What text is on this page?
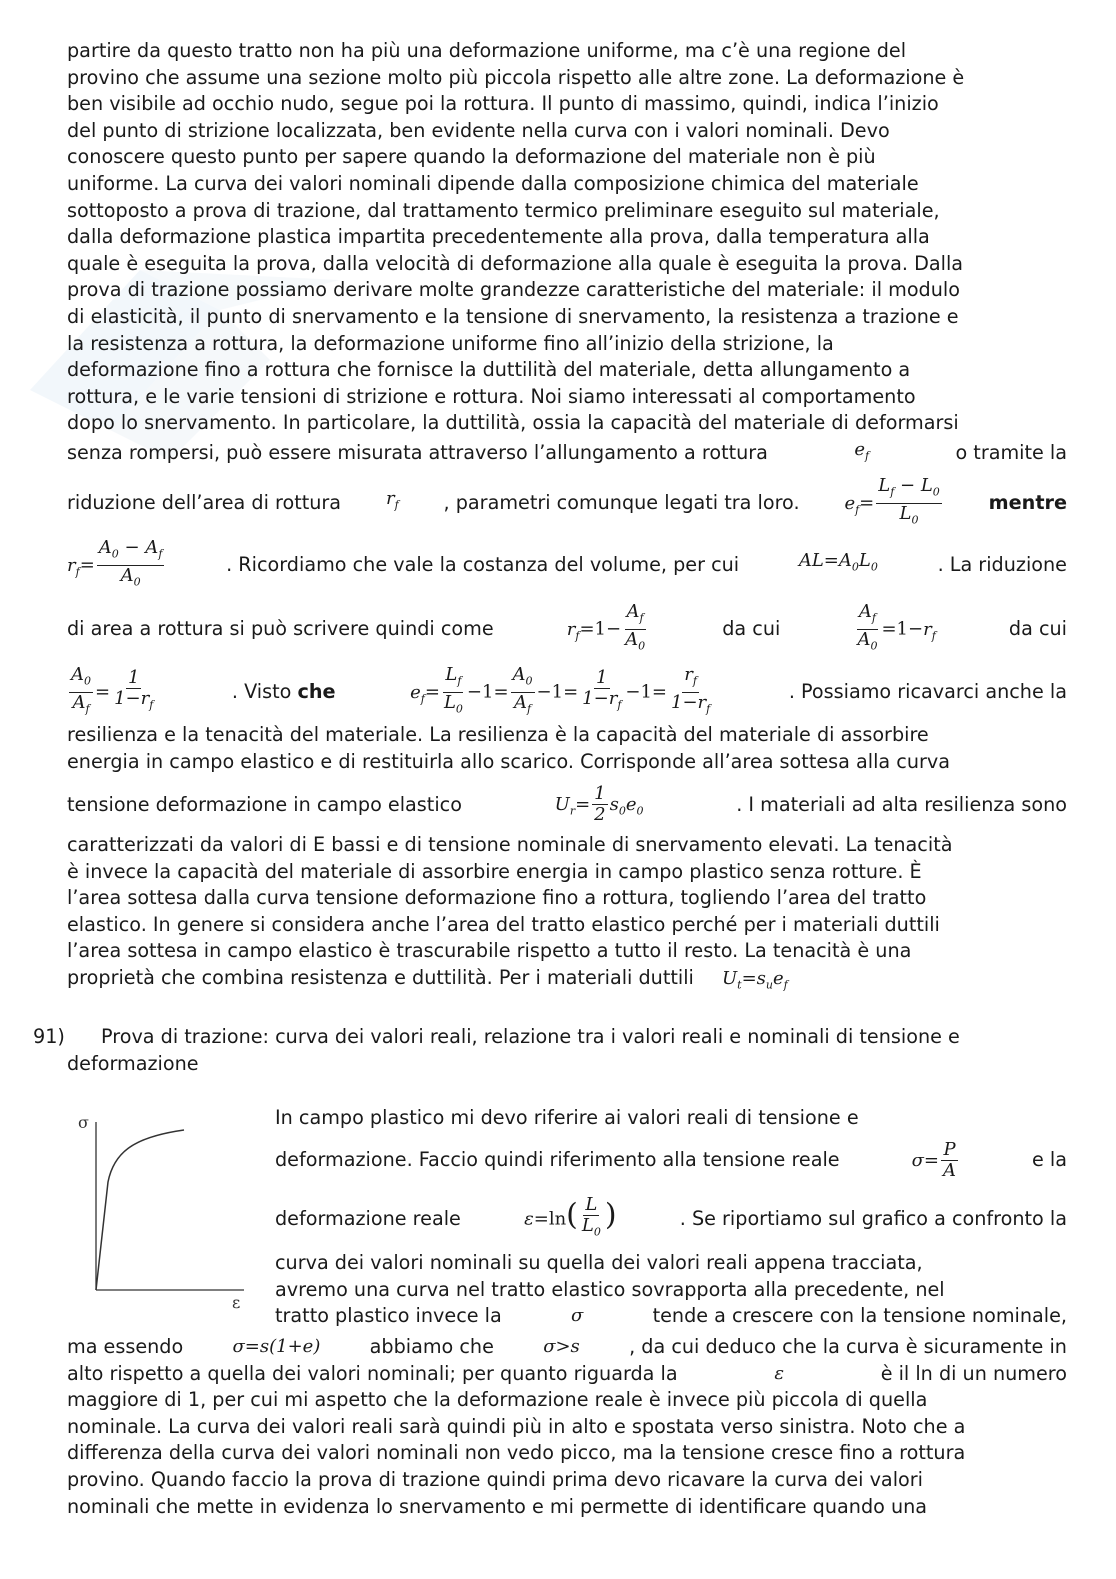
partire da questo tratto non ha più una deformazione uniforme, ma c’è una regione del
provino che assume una sezione molto più piccola rispetto alle altre zone. La deformazione è
ben visibile ad occhio nudo, segue poi la rottura. Il punto di massimo, quindi, indica l’inizio
del punto di strizione localizzata, ben evidente nella curva con i valori nominali. Devo
conoscere questo punto per sapere quando la deformazione del materiale non è più
uniforme. La curva dei valori nominali dipende dalla composizione chimica del materiale
sottoposto a prova di trazione, dal trattamento termico preliminare eseguito sul materiale,
dalla deformazione plastica impartita precedentemente alla prova, dalla temperatura alla
quale è eseguita la prova, dalla velocità di deformazione alla quale è eseguita la prova. Dalla
prova di trazione possiamo derivare molte grandezze caratteristiche del materiale: il modulo
di elasticità, il punto di snervamento e la tensione di snervamento, la resistenza a trazione e
la resistenza a rottura, la deformazione uniforme fino all’inizio della strizione, la
deformazione fino a rottura che fornisce la duttilità del materiale, detta allungamento a
rottura, e le varie tensioni di strizione e rottura. Noi siamo interessati al comportamento
dopo lo snervamento. In particolare, la duttilità, ossia la capacità del materiale di deformarsi
senza rompersi, può essere misurata attraverso l’allungamento a rottura	$e_f$	o tramite la
riduzione dell’area di rottura $r_f$ , parametri comunque legati tra loro. $e_f= \frac{L_f - L_0}{L_0}$ mentre
$r_f= \frac{A_0 - A_f}{A_0}$	. Ricordiamo che vale la costanza del volume, per cui	$AL=A_0L_0$	. La riduzione
di area a rottura si può scrivere quindi come	$r_f=1- \frac{A_f}{A_0}$	da cui	$\frac{A_f}{A_0} =1-r_f$	da cui
$\frac{A_0}{A_f} = \frac{1}{1-r_f}$	. Visto che	$e_f= \frac{L_f}{L_0} -1= \frac{A_0}{A_f} -1= \frac{1}{1-r_f} -1= \frac{r_f}{1-r_f}$	. Possiamo ricavarci anche la
resilienza e la tenacità del materiale. La resilienza è la capacità del materiale di assorbire
energia in campo elastico e di restituirla allo scarico. Corrisponde all’area sottesa alla curva
tensione deformazione in campo elastico	$U_r= \frac{1}{2} s_0e_0$	. I materiali ad alta resilienza sono
caratterizzati da valori di E bassi e di tensione nominale di snervamento elevati. La tenacità
è invece la capacità del materiale di assorbire energia in campo plastico senza rotture. È
l’area sottesa dalla curva tensione deformazione fino a rottura, togliendo l’area del tratto
elastico. In genere si considera anche l’area del tratto elastico perché per i materiali duttili
l’area sottesa in campo elastico è trascurabile rispetto a tutto il resto. La tenacità è una
proprietà che combina resistenza e duttilità. Per i materiali duttili $U_t=s_ue_f$
91) Prova di trazione: curva dei valori reali, relazione tra i valori reali e nominali di tensione e
deformazione
σ
ε
In campo plastico mi devo riferire ai valori reali di tensione e
deformazione. Faccio quindi riferimento alla tensione reale	$\sigma= \frac{P}{A}$	e la
deformazione reale	$\varepsilon=\ln( \frac{L}{L_0}$ )	. Se riportiamo sul grafico a confronto la
curva dei valori nominali su quella dei valori reali appena tracciata,
avremo una curva nel tratto elastico sovrapporta alla precedente, nel
tratto plastico invece la	σ	tende a crescere con la tensione nominale,
ma essendo	σ=s(1+e)	abbiamo che	σ>s	, da cui deduco che la curva è sicuramente in
alto rispetto a quella dei valori nominali; per quanto riguarda la	ε	è il ln di un numero
maggiore di 1, per cui mi aspetto che la deformazione reale è invece più piccola di quella
nominale. La curva dei valori reali sarà quindi più in alto e spostata verso sinistra. Noto che a
differenza della curva dei valori nominali non vedo picco, ma la tensione cresce fino a rottura
provino. Quando faccio la prova di trazione quindi prima devo ricavare la curva dei valori
nominali che mette in evidenza lo snervamento e mi permette di identificare quando una
